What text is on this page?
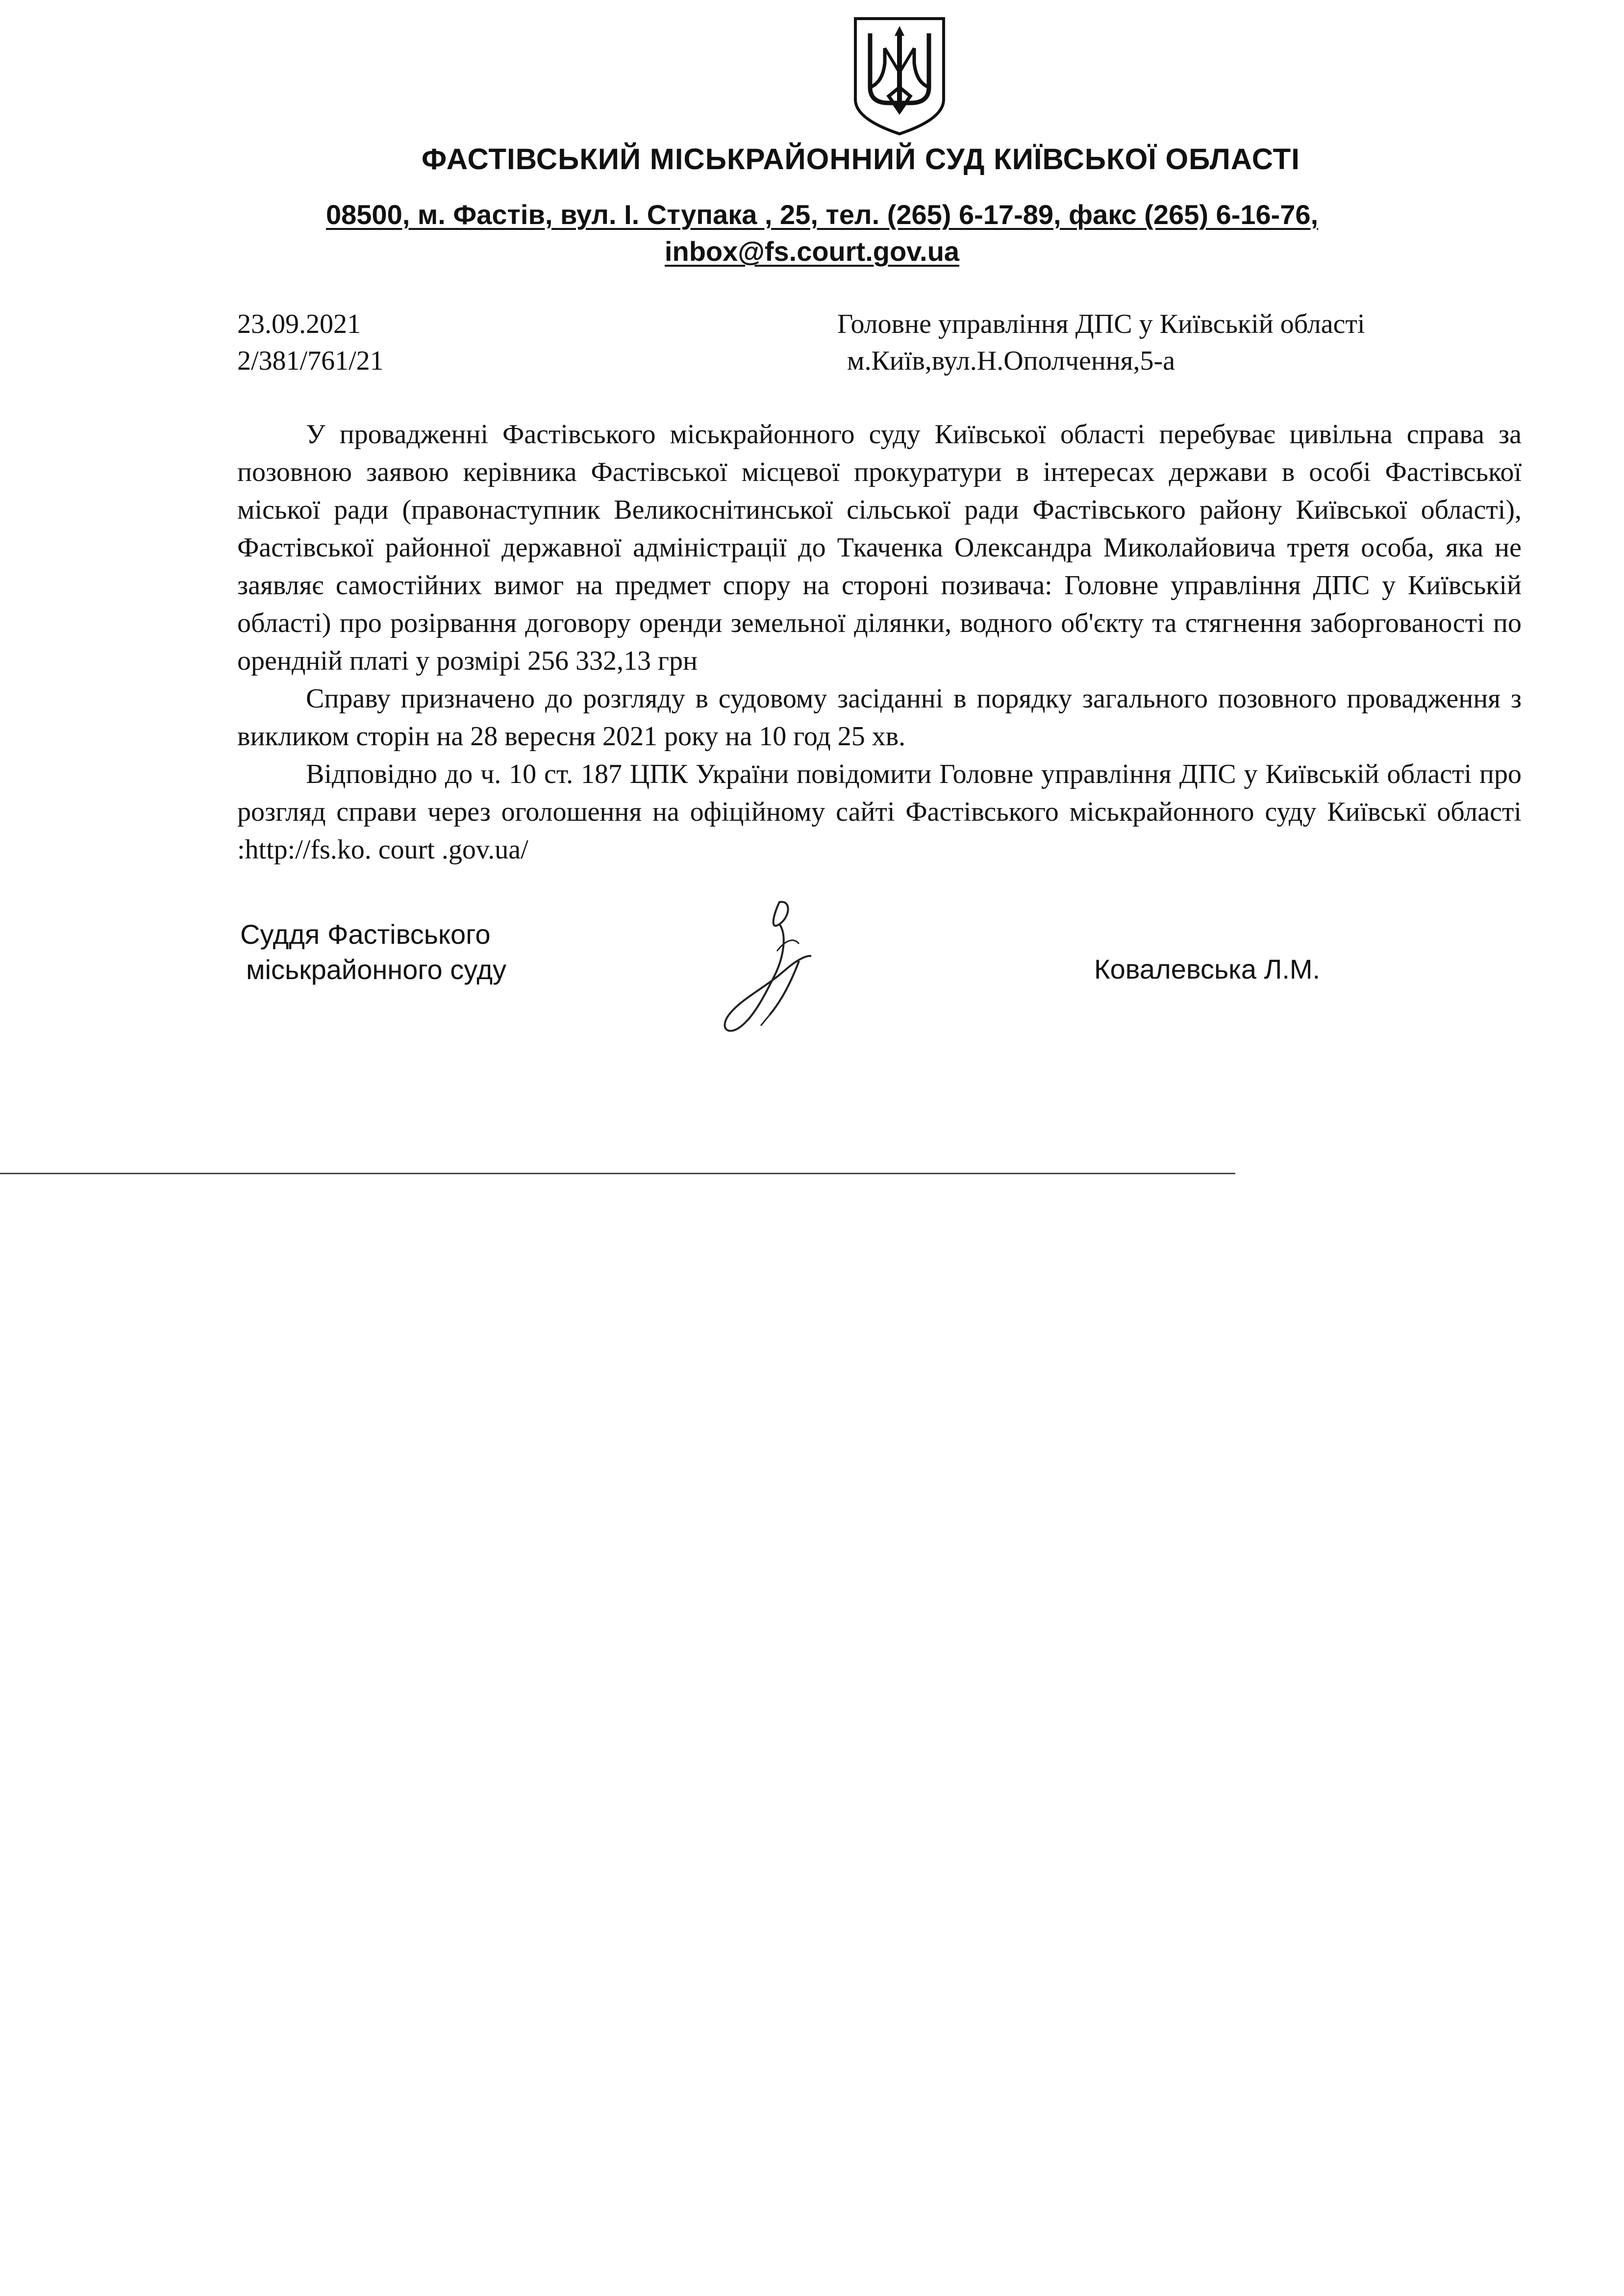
ФАСТІВСЬКИЙ МІСЬКРАЙОННИЙ СУД КИЇВСЬКОЇ ОБЛАСТІ
08500, м. Фастів, вул. І. Ступака , 25, тел. (265) 6-17-89, факс (265) 6-16-76,
inbox@fs.court.gov.ua
23.09.2021
2/381/761/21
Головне управління ДПС у Київській області
м.Київ,вул.Н.Ополчення,5-а

У провадженні Фастівського міськрайонного суду Київської області перебуває цивільна справа за позовною заявою керівника Фастівської місцевої прокуратури в інтересах держави в особі Фастівської міської ради (правонаступник Великоснітинської сільської ради Фастівського району Київської області), Фастівської районної державної адміністрації до Ткаченка Олександра Миколайовича третя особа, яка не заявляє самостійних вимог на предмет спору на стороні позивача: Головне управління ДПС у Київській області) про розірвання договору оренди земельної ділянки, водного об'єкту та стягнення заборгованості по орендній платі у розмірі 256 332,13 грн

Справу призначено до розгляду в судовому засіданні в порядку загального позовного провадження з викликом сторін на 28 вересня 2021 року на 10 год 25 хв.

Відповідно до ч. 10 ст. 187 ЦПК України повідомити Головне управління ДПС у Київській області про розгляд справи через оголошення на офіційному сайті Фастівського міськрайонного суду Київськї області :http://fs.ko. court .gov.ua/

Суддя Фастівського
міськрайонного суду	Ковалевська Л.М.
